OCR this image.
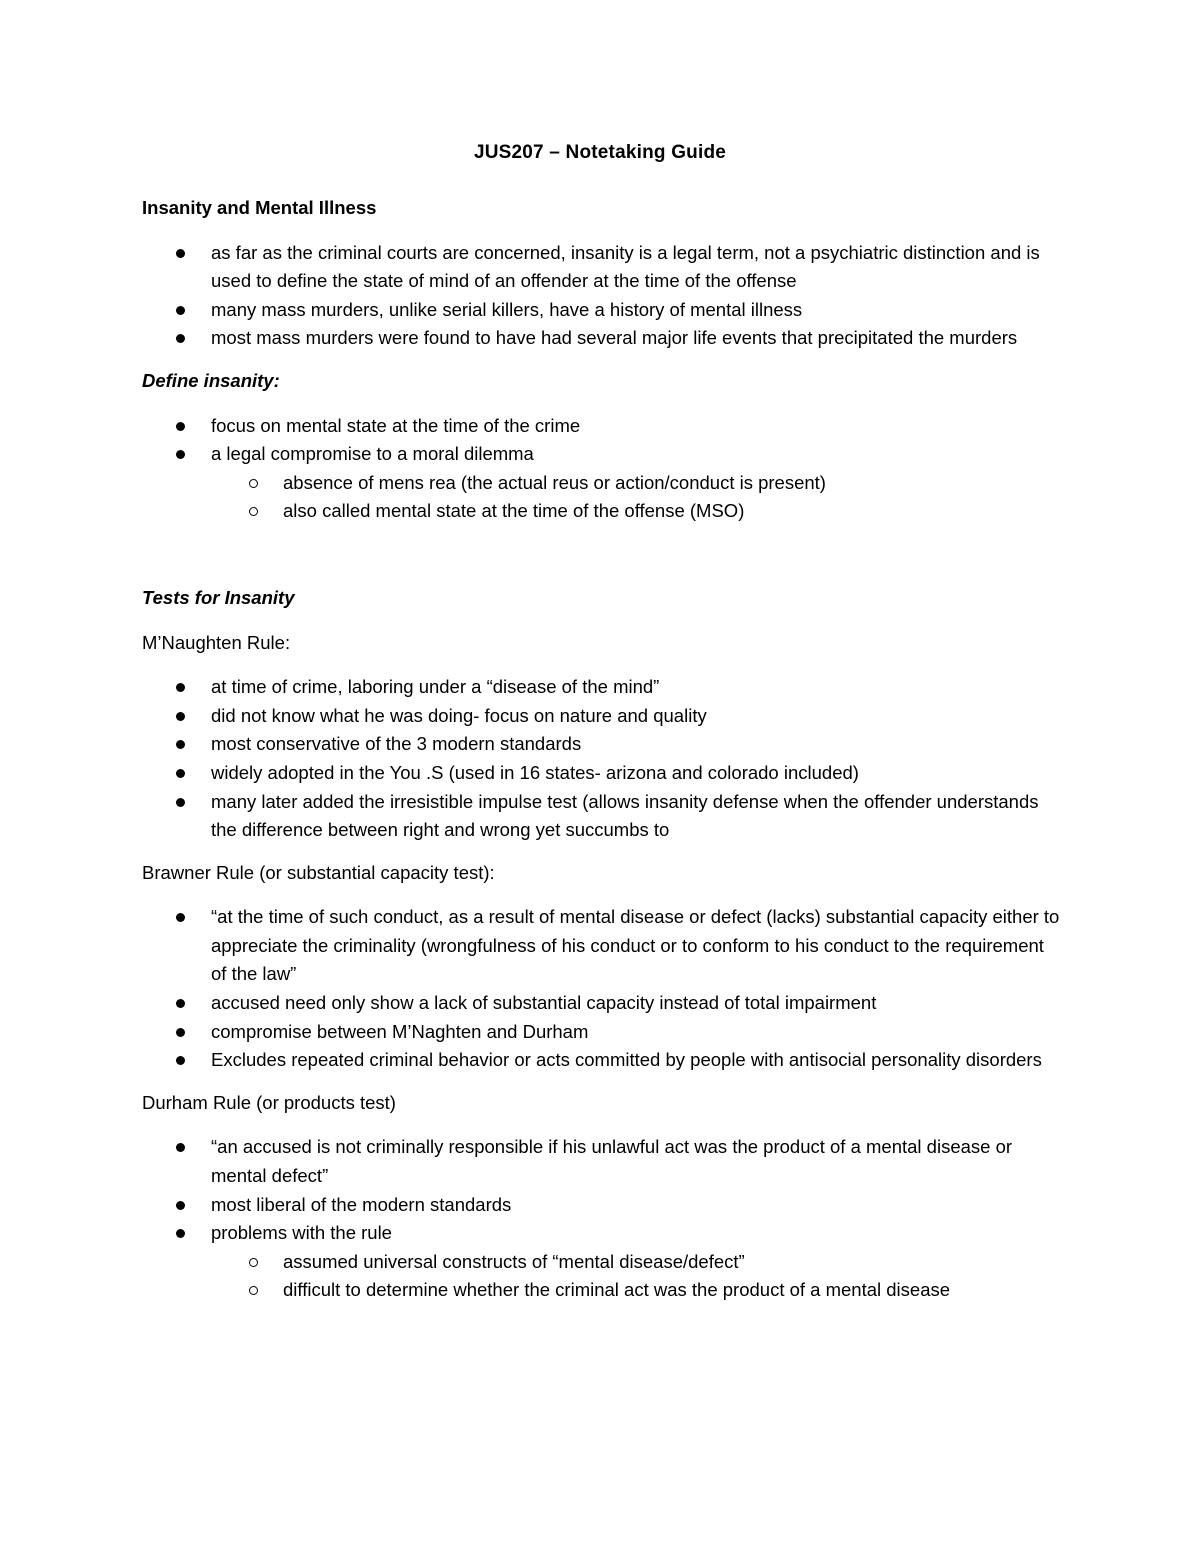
JUS207 – Notetaking Guide

Insanity and Mental Illness

as far as the criminal courts are concerned, insanity is a legal term, not a psychiatric distinction and is used to define the state of mind of an offender at the time of the offense
many mass murders, unlike serial killers, have a history of mental illness
most mass murders were found to have had several major life events that precipitated the murders

Define insanity:

focus on mental state at the time of the crime
a legal compromise to a moral dilemma
absence of mens rea (the actual reus or action/conduct is present)
also called mental state at the time of the offense (MSO)

Tests for Insanity

M’Naughten Rule:

at time of crime, laboring under a “disease of the mind”
did not know what he was doing- focus on nature and quality
most conservative of the 3 modern standards
widely adopted in the You .S (used in 16 states- arizona and colorado included)
many later added the irresistible impulse test (allows insanity defense when the offender understands the difference between right and wrong yet succumbs to

Brawner Rule (or substantial capacity test):

“at the time of such conduct, as a result of mental disease or defect (lacks) substantial capacity either to appreciate the criminality (wrongfulness of his conduct or to conform to his conduct to the requirement of the law”
accused need only show a lack of substantial capacity instead of total impairment
compromise between M’Naghten and Durham
Excludes repeated criminal behavior or acts committed by people with antisocial personality disorders

Durham Rule (or products test)

“an accused is not criminally responsible if his unlawful act was the product of a mental disease or mental defect”
most liberal of the modern standards
problems with the rule
assumed universal constructs of “mental disease/defect”
difficult to determine whether the criminal act was the product of a mental disease
